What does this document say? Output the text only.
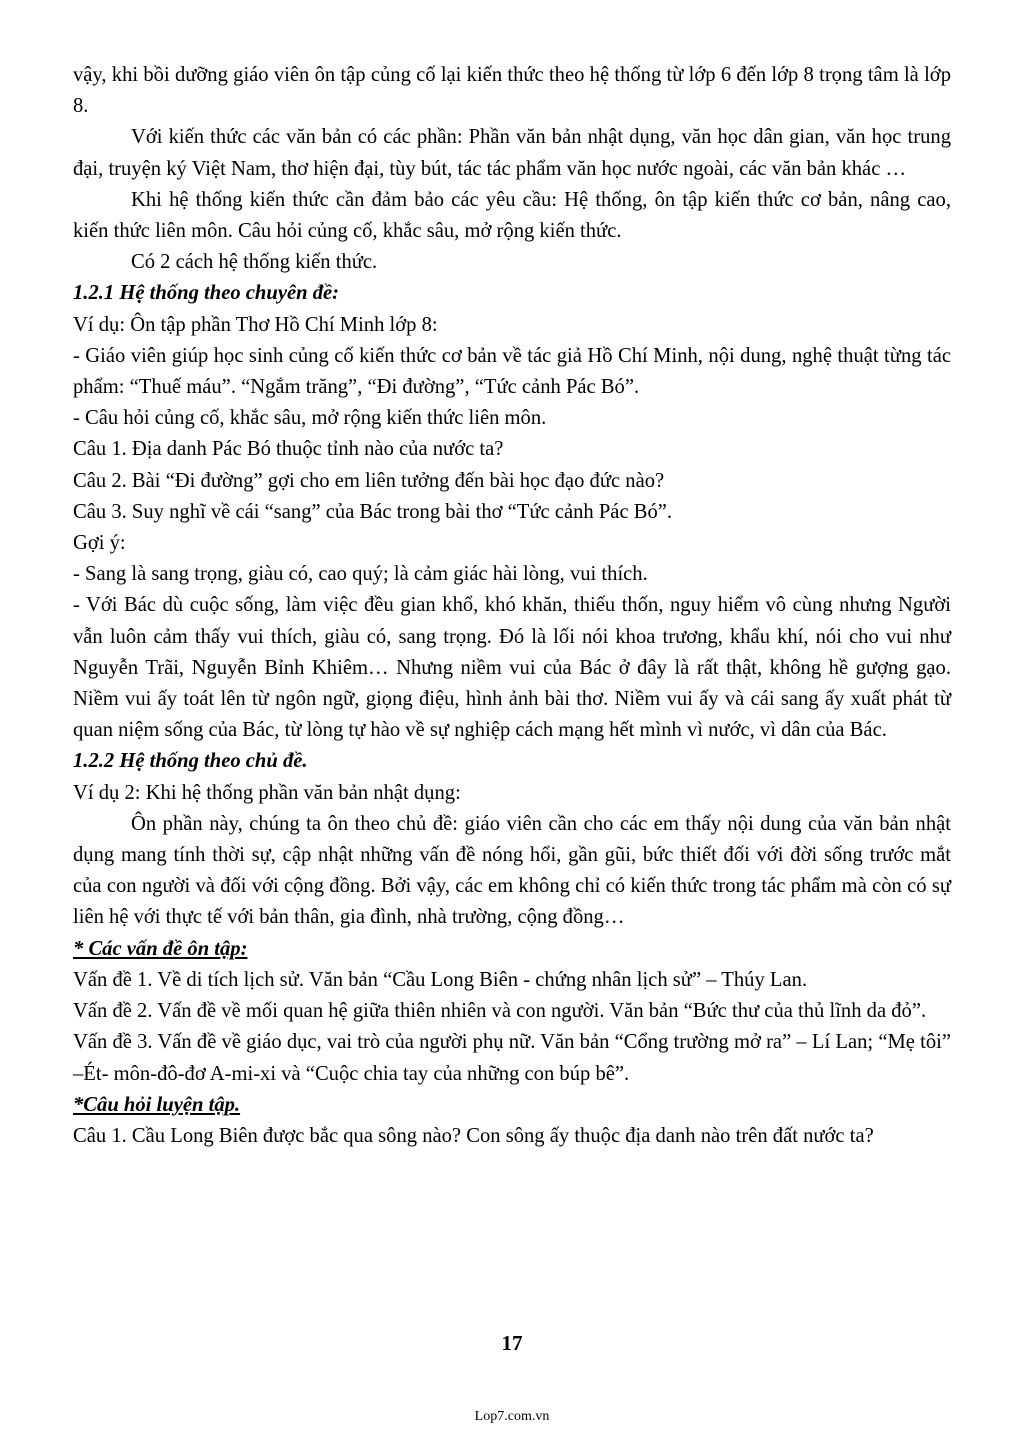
vậy, khi bồi dưỡng giáo viên ôn tập củng cố lại kiến thức theo hệ thống từ lớp 6 đến lớp 8 trọng tâm là lớp 8.

Với kiến thức các văn bản có các phần: Phần văn bản nhật dụng, văn học dân gian, văn học trung đại, truyện ký Việt Nam, thơ hiện đại, tùy bút, tác tác phẩm văn học nước ngoài, các văn bản khác …

Khi hệ thống kiến thức cần đảm bảo các yêu cầu: Hệ thống, ôn tập kiến thức cơ bản, nâng cao, kiến thức liên môn. Câu hỏi củng cố, khắc sâu, mở rộng kiến thức.

Có 2 cách hệ thống kiến thức.

1.2.1 Hệ thống theo chuyên đề:

Ví dụ: Ôn tập phần Thơ Hồ Chí Minh lớp 8:

- Giáo viên giúp học sinh củng cố kiến thức cơ bản về tác giả Hồ Chí Minh, nội dung, nghệ thuật từng tác phẩm: “Thuế máu”. “Ngắm trăng”, “Đi đường”, “Tức cảnh Pác Bó”.

- Câu hỏi củng cố, khắc sâu, mở rộng kiến thức liên môn.

Câu 1. Địa danh Pác Bó thuộc tỉnh nào của nước ta?

Câu 2. Bài “Đi đường” gợi cho em liên tưởng đến bài học đạo đức nào?

Câu 3. Suy nghĩ về cái “sang” của Bác trong bài thơ “Tức cảnh Pác Bó”.

Gợi ý:

- Sang là sang trọng, giàu có, cao quý; là cảm giác hài lòng, vui thích.

- Với Bác dù cuộc sống, làm việc đều gian khổ, khó khăn, thiếu thốn, nguy hiểm vô cùng nhưng Người vẫn luôn cảm thấy vui thích, giàu có, sang trọng. Đó là lối nói khoa trương, khẩu khí, nói cho vui như Nguyễn Trãi, Nguyễn Bỉnh Khiêm… Nhưng niềm vui của Bác ở đây là rất thật, không hề gượng gạo. Niềm vui ấy toát lên từ ngôn ngữ, giọng điệu, hình ảnh bài thơ. Niềm vui ấy và cái sang ấy xuất phát từ quan niệm sống của Bác, từ lòng tự hào về sự nghiệp cách mạng hết mình vì nước, vì dân của Bác.

1.2.2 Hệ thống theo chủ đề.

Ví dụ 2: Khi hệ thống phần văn bản nhật dụng:

Ôn phần này, chúng ta ôn theo chủ đề: giáo viên cần cho các em thấy nội dung của văn bản nhật dụng mang tính thời sự, cập nhật những vấn đề nóng hổi, gần gũi, bức thiết đối với đời sống trước mắt của con người và đối với cộng đồng. Bởi vậy, các em không chỉ có kiến thức trong tác phẩm mà còn có sự liên hệ với thực tế với bản thân, gia đình, nhà trường, cộng đồng…

* Các vấn đề ôn tập:

Vấn đề 1. Về di tích lịch sử. Văn bản “Cầu Long Biên - chứng nhân lịch sử” – Thúy Lan.

Vấn đề 2. Vấn đề về mối quan hệ giữa thiên nhiên và con người. Văn bản “Bức thư của thủ lĩnh da đỏ”.

Vấn đề 3. Vấn đề về giáo dục, vai trò của người phụ nữ. Văn bản “Cổng trường mở ra” – Lí Lan; “Mẹ tôi” –Ét- môn-đô-đơ A-mi-xi và “Cuộc chia tay của những con búp bê”.

*Câu hỏi luyện tập.

Câu 1. Cầu Long Biên được bắc qua sông nào? Con sông ấy thuộc địa danh nào trên đất nước ta?

17
Lop7.com.vn
